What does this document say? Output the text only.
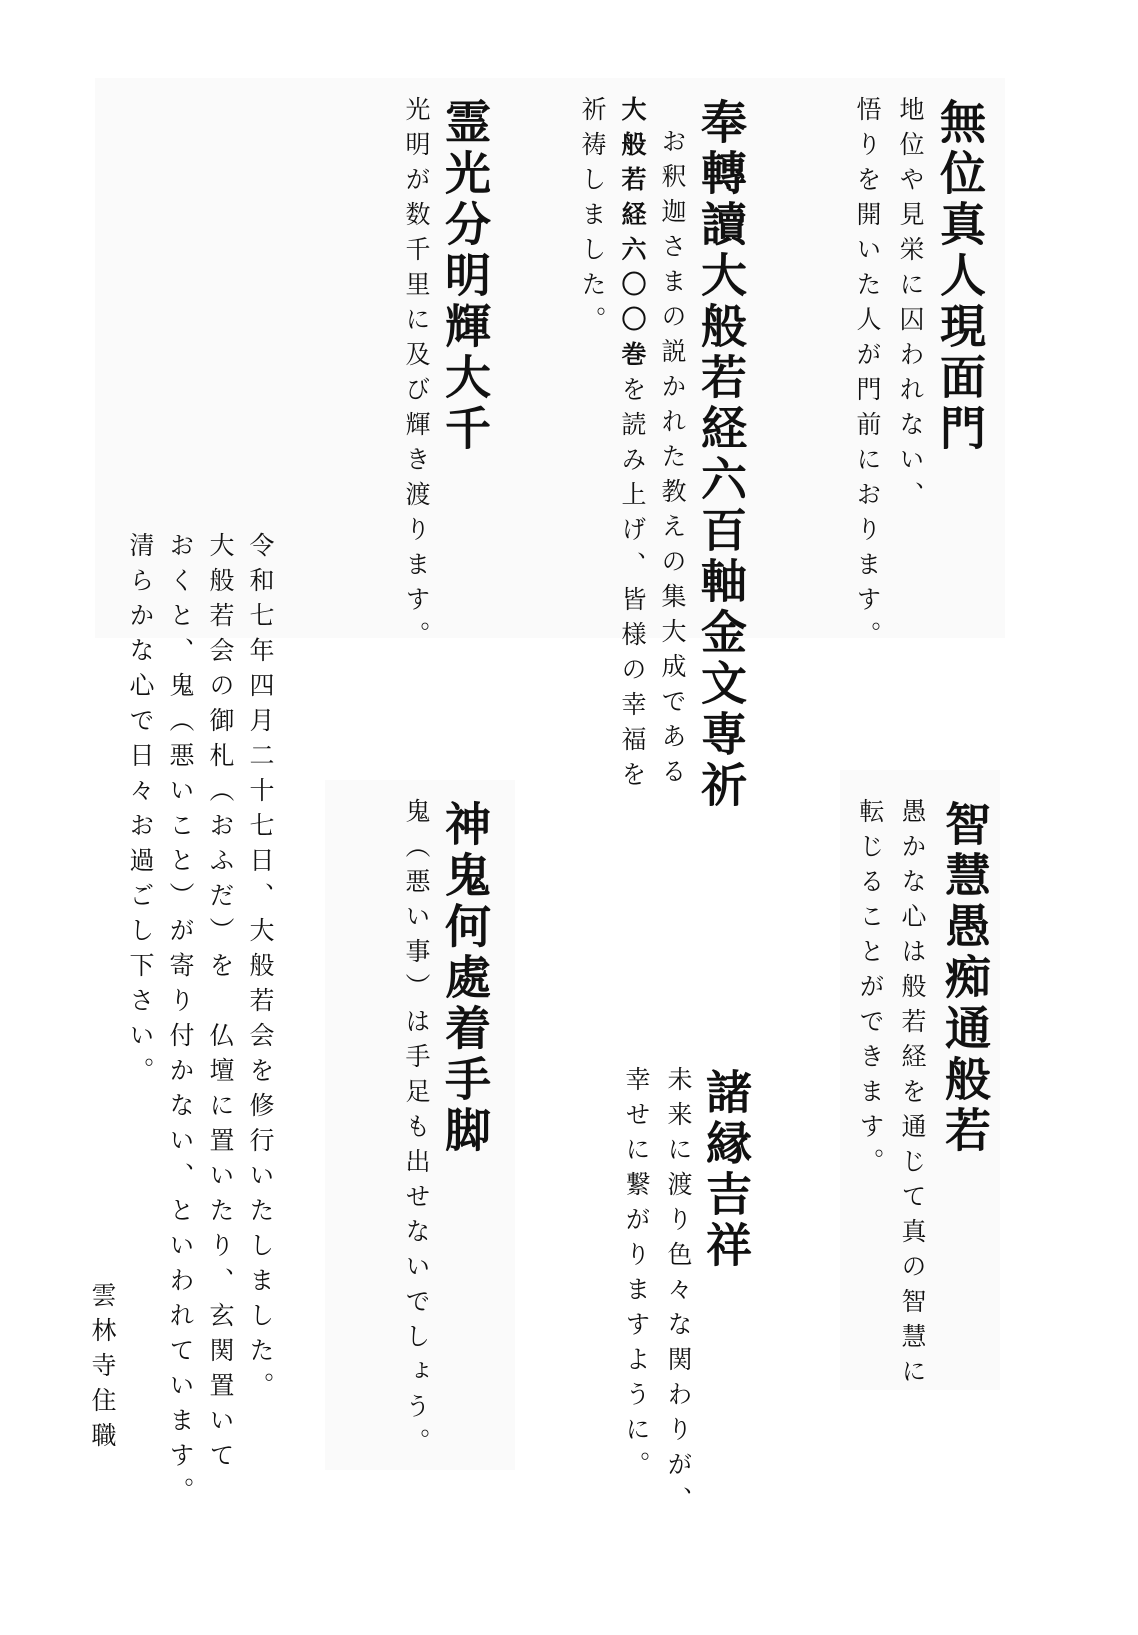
無位真人現面門

地位や見栄に囚われない、

悟りを開いた人が門前におります。

奉轉讀大般若経六百軸金文専祈

お釈迦さまの説かれた教えの集大成である

大般若経六〇〇巻を読み上げ、皆様の幸福を

祈祷しました。

霊光分明輝大千

光明が数千里に及び輝き渡ります。

智慧愚痴通般若

愚かな心は般若経を通じて真の智慧に

転じることができます。

諸縁吉祥

未来に渡り色々な関わりが、

幸せに繋がりますように。

神鬼何處着手脚

鬼（悪い事）は手足も出せないでしょう。

令和七年四月二十七日、大般若会を修行いたしました。

大般若会の御札（おふだ）を　仏壇に置いたり、玄関置いて

おくと、鬼（悪いこと）が寄り付かない、といわれています。

清らかな心で日々お過ごし下さい。

雲林寺住職
